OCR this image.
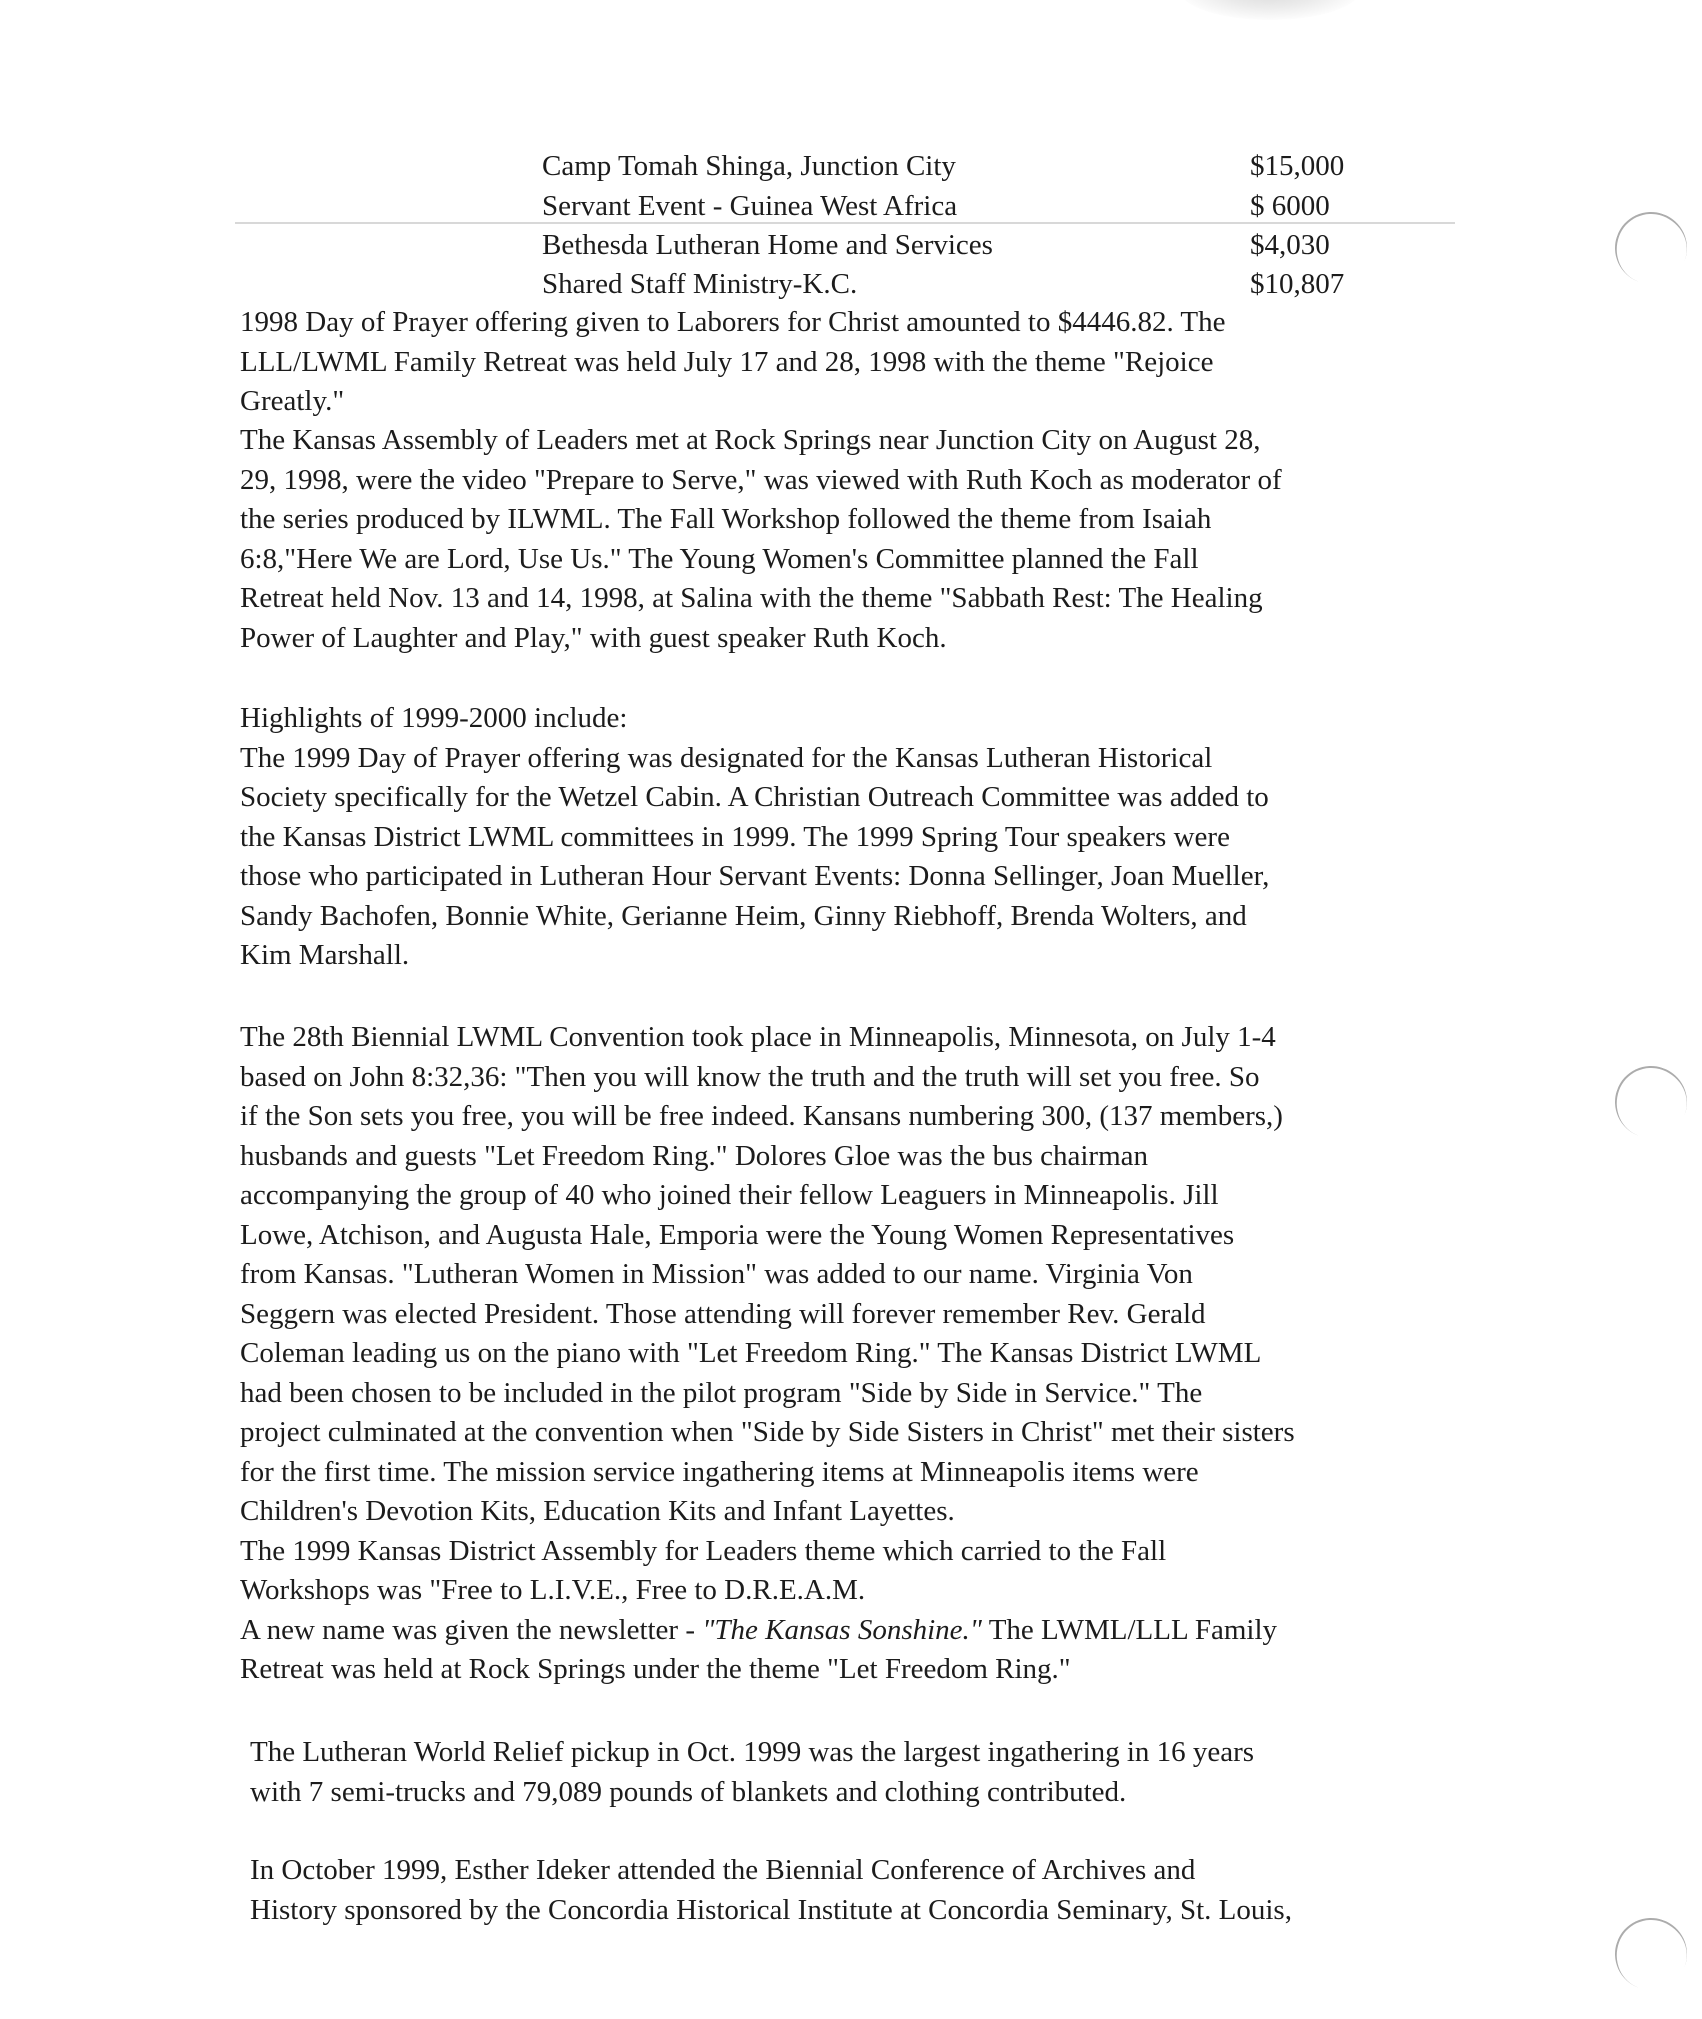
Camp Tomah Shinga, Junction City	$15,000
Servant Event - Guinea West Africa	$ 6000
Bethesda Lutheran Home and Services	$4,030
Shared Staff Ministry-K.C.	$10,807
1998 Day of Prayer offering given to Laborers for Christ amounted to $4446.82. The
LLL/LWML Family Retreat was held July 17 and 28, 1998 with the theme "Rejoice
Greatly."
The Kansas Assembly of Leaders met at Rock Springs near Junction City on August 28,
29, 1998, were the video "Prepare to Serve," was viewed with Ruth Koch as moderator of
the series produced by ILWML. The Fall Workshop followed the theme from Isaiah
6:8,"Here We are Lord, Use Us." The Young Women's Committee planned the Fall
Retreat held Nov. 13 and 14, 1998, at Salina with the theme "Sabbath Rest: The Healing
Power of Laughter and Play," with guest speaker Ruth Koch.
Highlights of 1999-2000 include:
The 1999 Day of Prayer offering was designated for the Kansas Lutheran Historical
Society specifically for the Wetzel Cabin. A Christian Outreach Committee was added to
the Kansas District LWML committees in 1999. The 1999 Spring Tour speakers were
those who participated in Lutheran Hour Servant Events: Donna Sellinger, Joan Mueller,
Sandy Bachofen, Bonnie White, Gerianne Heim, Ginny Riebhoff, Brenda Wolters, and
Kim Marshall.
The 28th Biennial LWML Convention took place in Minneapolis, Minnesota, on July 1-4
based on John 8:32,36: "Then you will know the truth and the truth will set you free. So
if the Son sets you free, you will be free indeed. Kansans numbering 300, (137 members,)
husbands and guests "Let Freedom Ring." Dolores Gloe was the bus chairman
accompanying the group of 40 who joined their fellow Leaguers in Minneapolis. Jill
Lowe, Atchison, and Augusta Hale, Emporia were the Young Women Representatives
from Kansas. "Lutheran Women in Mission" was added to our name. Virginia Von
Seggern was elected President. Those attending will forever remember Rev. Gerald
Coleman leading us on the piano with "Let Freedom Ring." The Kansas District LWML
had been chosen to be included in the pilot program "Side by Side in Service." The
project culminated at the convention when "Side by Side Sisters in Christ" met their sisters
for the first time. The mission service ingathering items at Minneapolis items were
Children's Devotion Kits, Education Kits and Infant Layettes.
The 1999 Kansas District Assembly for Leaders theme which carried to the Fall
Workshops was "Free to L.I.V.E., Free to D.R.E.A.M.
A new name was given the newsletter - "The Kansas Sonshine." The LWML/LLL Family
Retreat was held at Rock Springs under the theme "Let Freedom Ring."
The Lutheran World Relief pickup in Oct. 1999 was the largest ingathering in 16 years
with 7 semi-trucks and 79,089 pounds of blankets and clothing contributed.
In October 1999, Esther Ideker attended the Biennial Conference of Archives and
History sponsored by the Concordia Historical Institute at Concordia Seminary, St. Louis,
